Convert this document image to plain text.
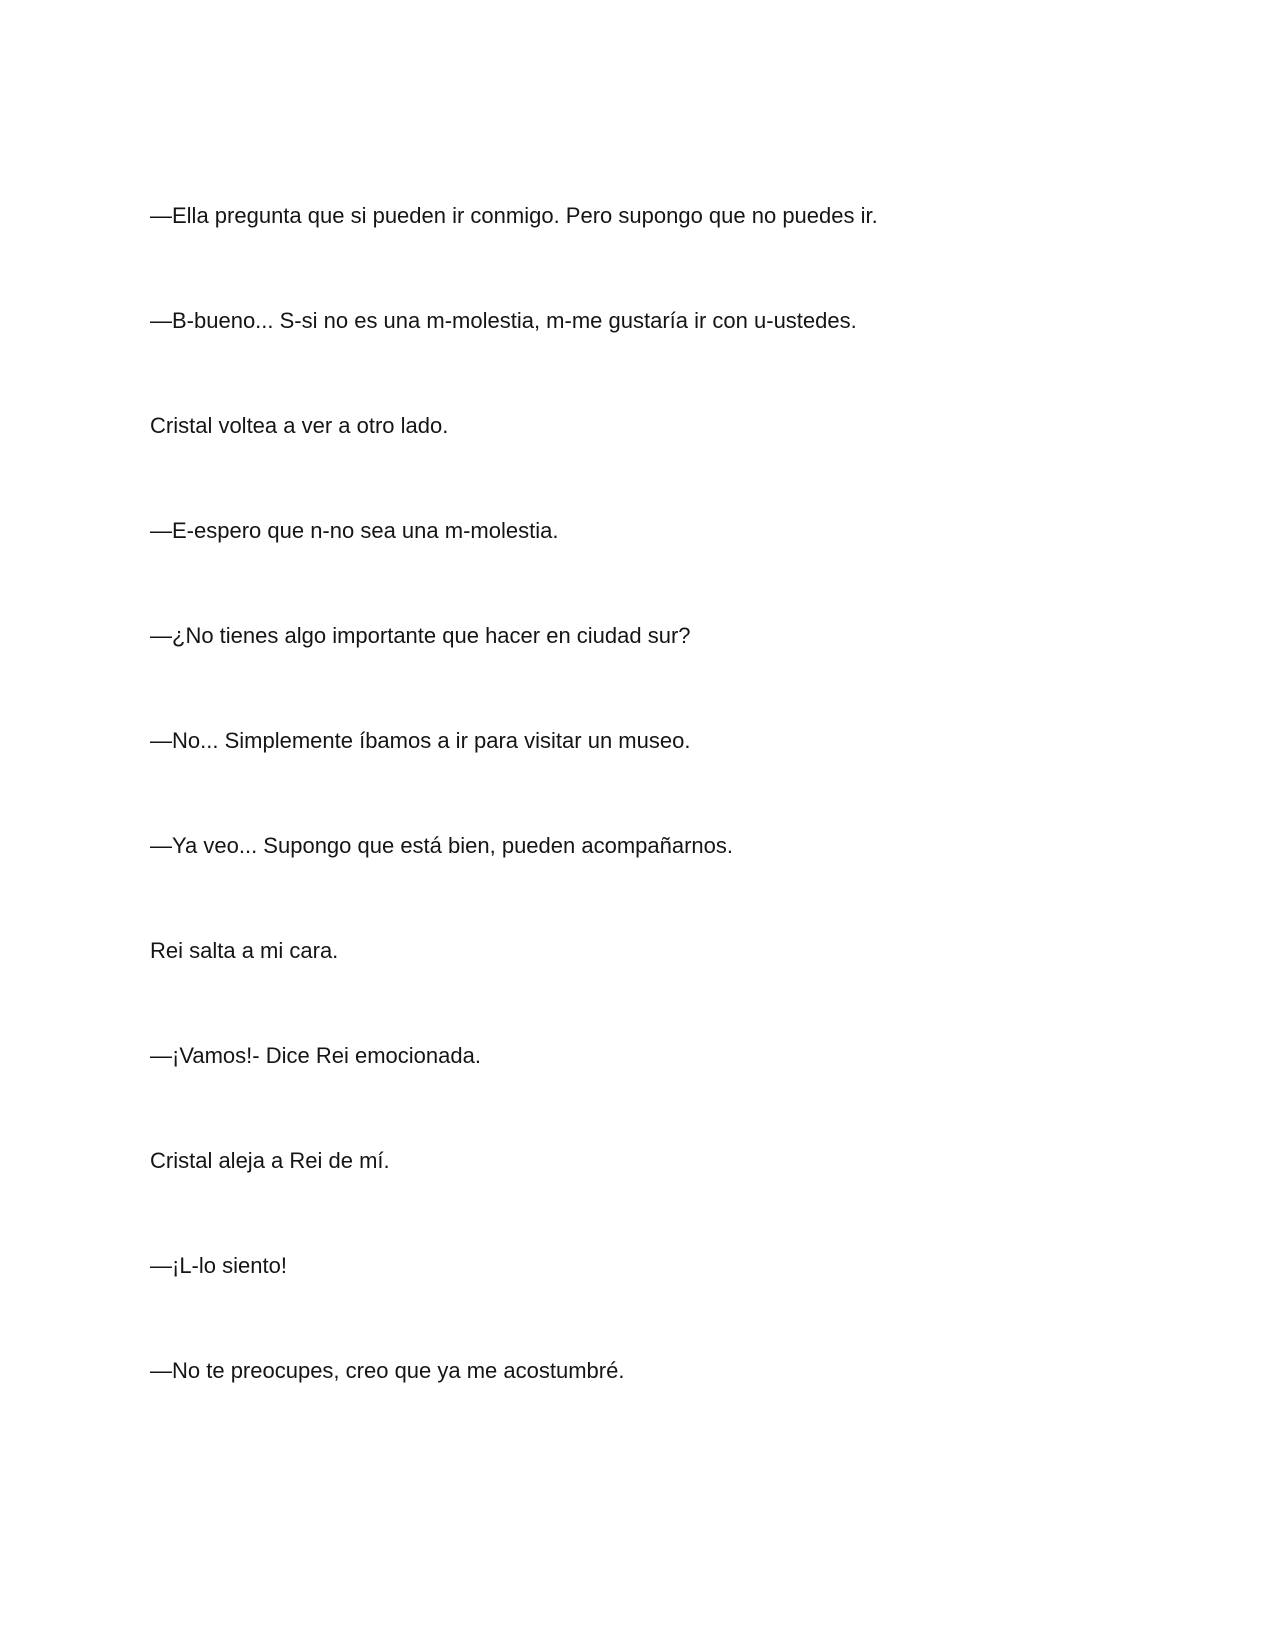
—Ella pregunta que si pueden ir conmigo. Pero supongo que no puedes ir.

—B-bueno... S-si no es una m-molestia, m-me gustaría ir con u-ustedes.

Cristal voltea a ver a otro lado.

—E-espero que n-no sea una m-molestia.

—¿No tienes algo importante que hacer en ciudad sur?

—No... Simplemente íbamos a ir para visitar un museo.

—Ya veo... Supongo que está bien, pueden acompañarnos.

Rei salta a mi cara.

—¡Vamos!- Dice Rei emocionada.

Cristal aleja a Rei de mí.

—¡L-lo siento!

—No te preocupes, creo que ya me acostumbré.
